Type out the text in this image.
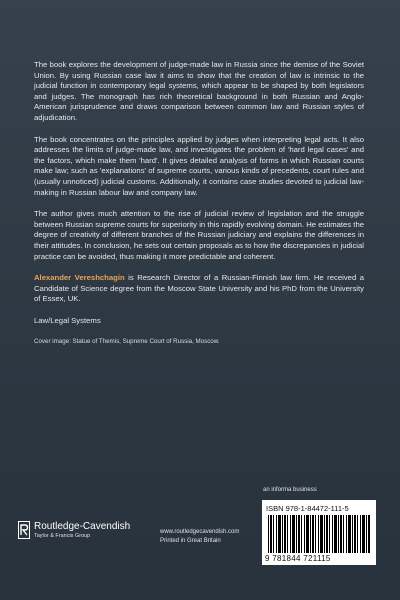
The book explores the development of judge-made law in Russia since the demise of the Soviet Union. By using Russian case law it aims to show that the creation of law is intrinsic to the judicial function in contemporary legal systems, which appear to be shaped by both legislators and judges. The monograph has rich theoretical background in both Russian and Anglo-American jurisprudence and draws comparison between common law and Russian styles of adjudication.

The book concentrates on the principles applied by judges when interpreting legal acts. It also addresses the limits of judge-made law, and investigates the problem of 'hard legal cases' and the factors, which make them 'hard'. It gives detailed analysis of forms in which Russian courts make law; such as 'explanations' of supreme courts, various kinds of precedents, court rules and (usually unnoticed) judicial customs. Additionally, it contains case studies devoted to judicial law-making in Russian labour law and company law.

The author gives much attention to the rise of judicial review of legislation and the struggle between Russian supreme courts for superiority in this rapidly evolving domain. He estimates the degree of creativity of different branches of the Russian judiciary and explains the differences in their attitudes. In conclusion, he sets out certain proposals as to how the discrepancies in judicial practice can be avoided, thus making it more predictable and coherent.

Alexander Vereshchagin is Research Director of a Russian-Finnish law firm. He received a Candidate of Science degree from the Moscow State University and his PhD from the University of Essex, UK.

Law/Legal Systems

Cover image: Statue of Themis, Supreme Court of Russia, Moscow.

an informa business
ISBN 978-1-84472-111-5
9 781844 721115
Routledge-Cavendish
Taylor & Francis Group
www.routledgecavendish.com
Printed in Great Britain
